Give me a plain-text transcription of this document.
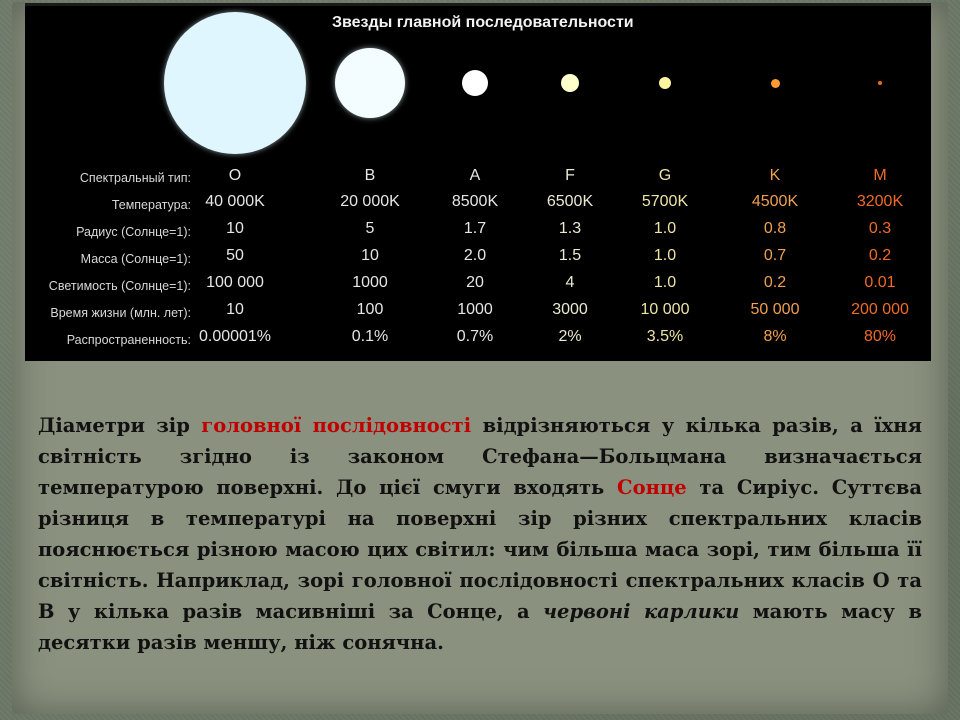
Звезды главной последовательности
Спектральный тип:
Температура:
Радиус (Солнце=1):
Масса (Солнце=1):
Светимость (Солнце=1):
Время жизни (млн. лет):
Распространенность:
O
40 000K
10
50
100 000
10
0.00001%
B
20 000K
5
10
1000
100
0.1%
A
8500K
1.7
2.0
20
1000
0.7%
F
6500K
1.3
1.5
4
3000
2%
G
5700K
1.0
1.0
1.0
10 000
3.5%
K
4500K
0.8
0.7
0.2
50 000
8%
M
3200K
0.3
0.2
0.01
200 000
80%
Діаметри зір головної послідовності відрізняються у кілька разів, а їхня світність згідно із законом Стефана—Больцмана визначається температурою поверхні. До цієї смуги входять Сонце та Сиріус. Суттєва різниця в температурі на поверхні зір різних спектральних класів пояснюється різною масою цих світил: чим більша маса зорі, тим більша її світність. Наприклад, зорі головної послідовності спектральних класів О та В у кілька разів масивніші за Сонце, а червоні карлики мають масу в десятки разів меншу, ніж сонячна.
